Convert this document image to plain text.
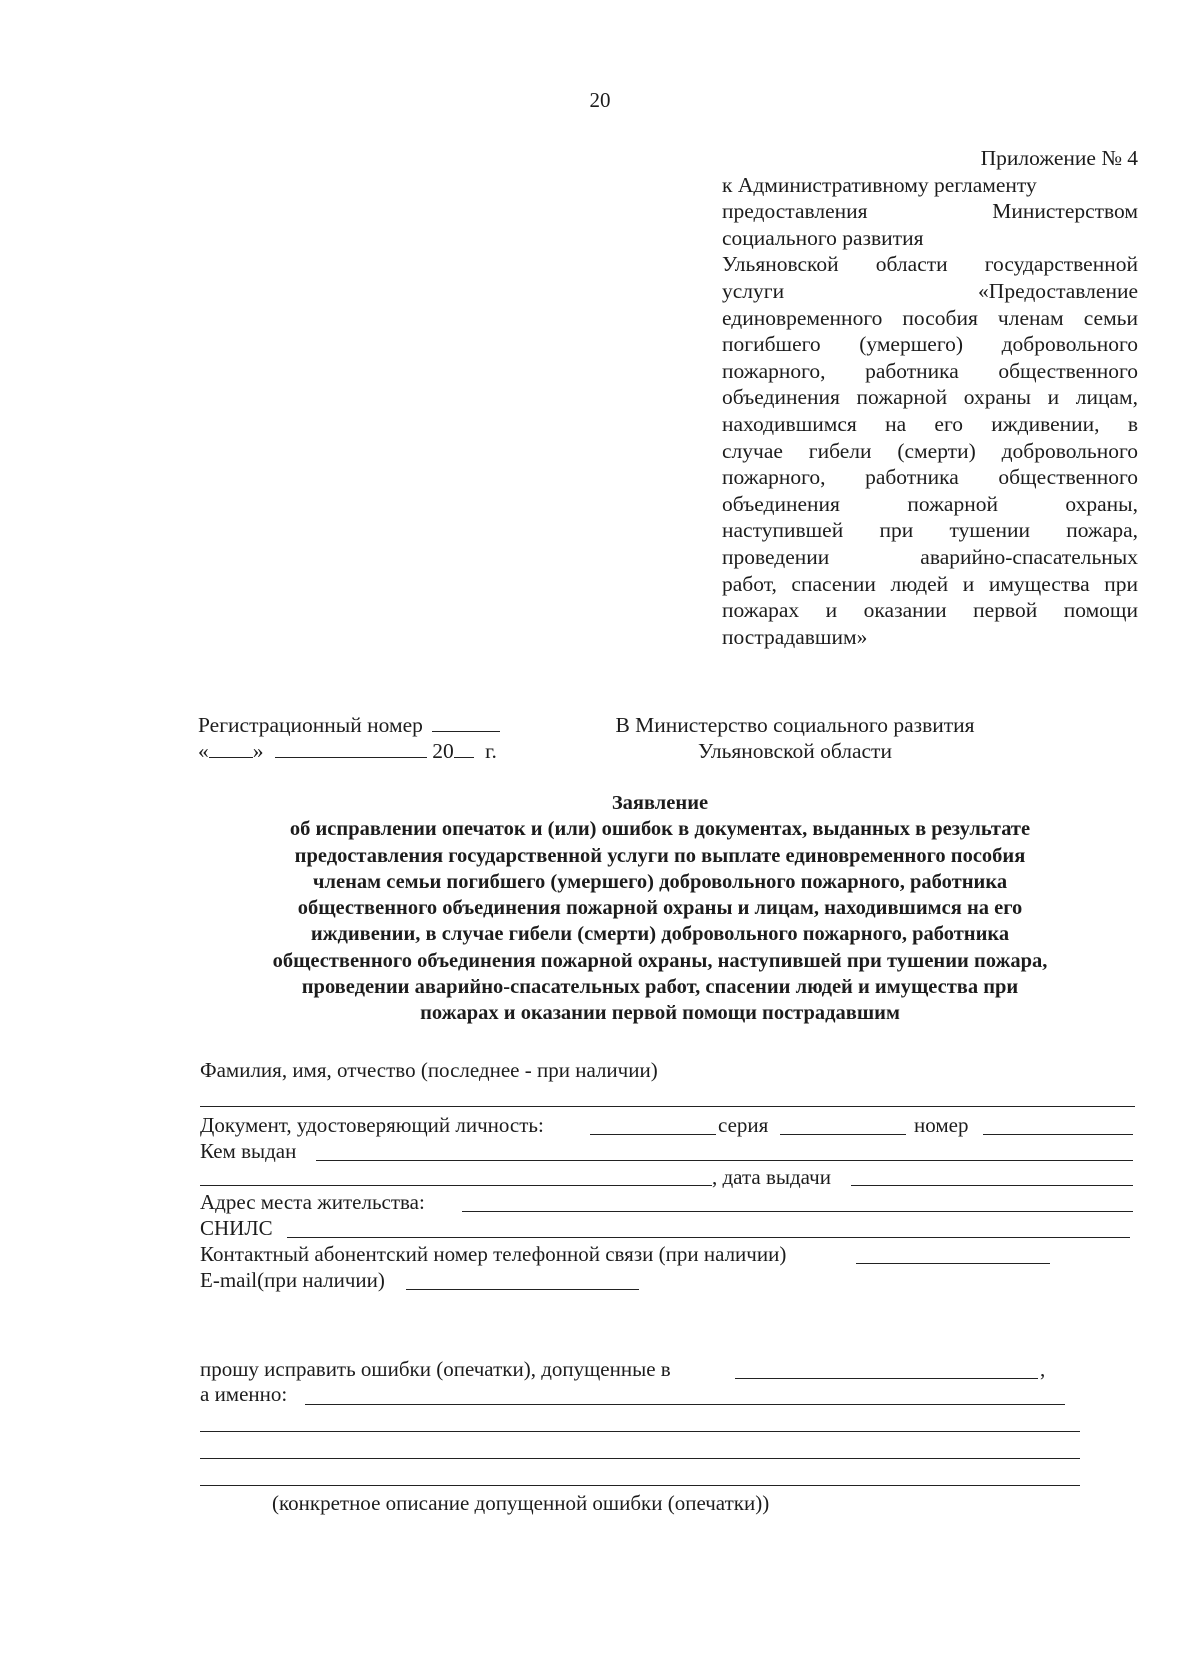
20
Приложение № 4
к Административному регламенту
предоставления Министерством
социального развития
Ульяновской области государственной
услуги «Предоставление
единовременного пособия членам семьи
погибшего (умершего) добровольного
пожарного, работника общественного
объединения пожарной охраны и лицам,
находившимся на его иждивении, в
случае гибели (смерти) добровольного
пожарного, работника общественного
объединения пожарной охраны,
наступившей при тушении пожара,
проведении аварийно-спасательных
работ, спасении людей и имущества при
пожарах и оказании первой помощи
пострадавшим»
Регистрационный номер
« »	20 г.
В Министерство социального развития
Ульяновской области
Заявление
об исправлении опечаток и (или) ошибок в документах, выданных в результате
предоставления государственной услуги по выплате единовременного пособия
членам семьи погибшего (умершего) добровольного пожарного, работника
общественного объединения пожарной охраны и лицам, находившимся на его
иждивении, в случае гибели (смерти) добровольного пожарного, работника
общественного объединения пожарной охраны, наступившей при тушении пожара,
проведении аварийно-спасательных работ, спасении людей и имущества при
пожарах и оказании первой помощи пострадавшим
Фамилия, имя, отчество (последнее - при наличии)
Документ, удостоверяющий личность:	серия	номер
Кем выдан
, дата выдачи
Адрес места жительства:
СНИЛС
Контактный абонентский номер телефонной связи (при наличии)
E-mail(при наличии)
прошу исправить ошибки (опечатки), допущенные в	,
а именно:
(конкретное описание допущенной ошибки (опечатки))
